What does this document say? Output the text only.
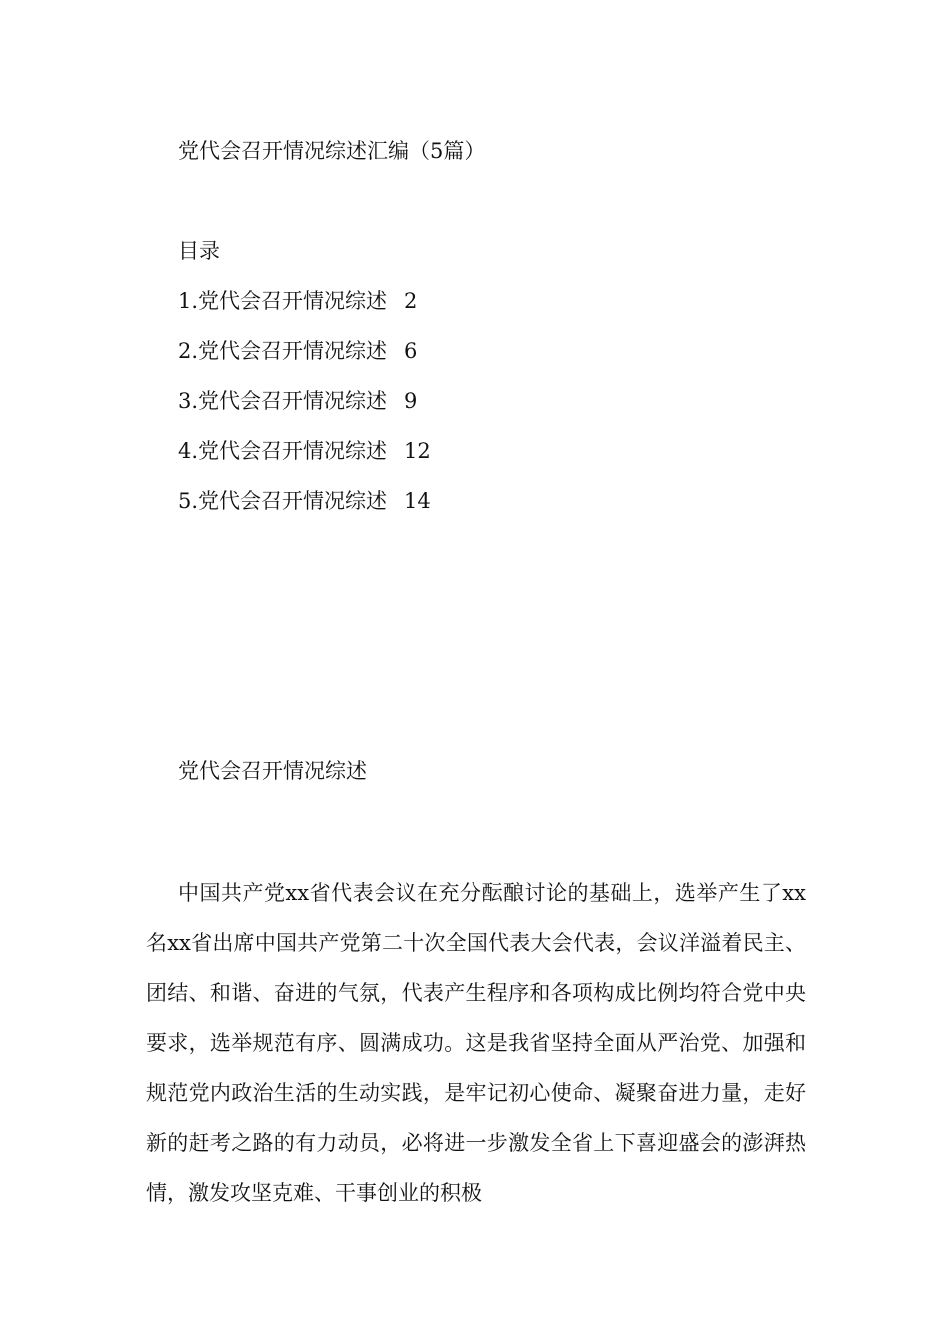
党代会召开情况综述汇编（5篇）
目录
1.党代会召开情况综述 2
2.党代会召开情况综述 6
3.党代会召开情况综述 9
4.党代会召开情况综述 12
5.党代会召开情况综述 14
党代会召开情况综述

中国共产党xx省代表会议在充分酝酿讨论的基础上，选举产生了xx名xx省出席中国共产党第二十次全国代表大会代表，会议洋溢着民主、团结、和谐、奋进的气氛，代表产生程序和各项构成比例均符合党中央要求，选举规范有序、圆满成功。这是我省坚持全面从严治党、加强和规范党内政治生活的生动实践，是牢记初心使命、凝聚奋进力量，走好新的赶考之路的有力动员，必将进一步激发全省上下喜迎盛会的澎湃热情，激发攻坚克难、干事创业的积极
